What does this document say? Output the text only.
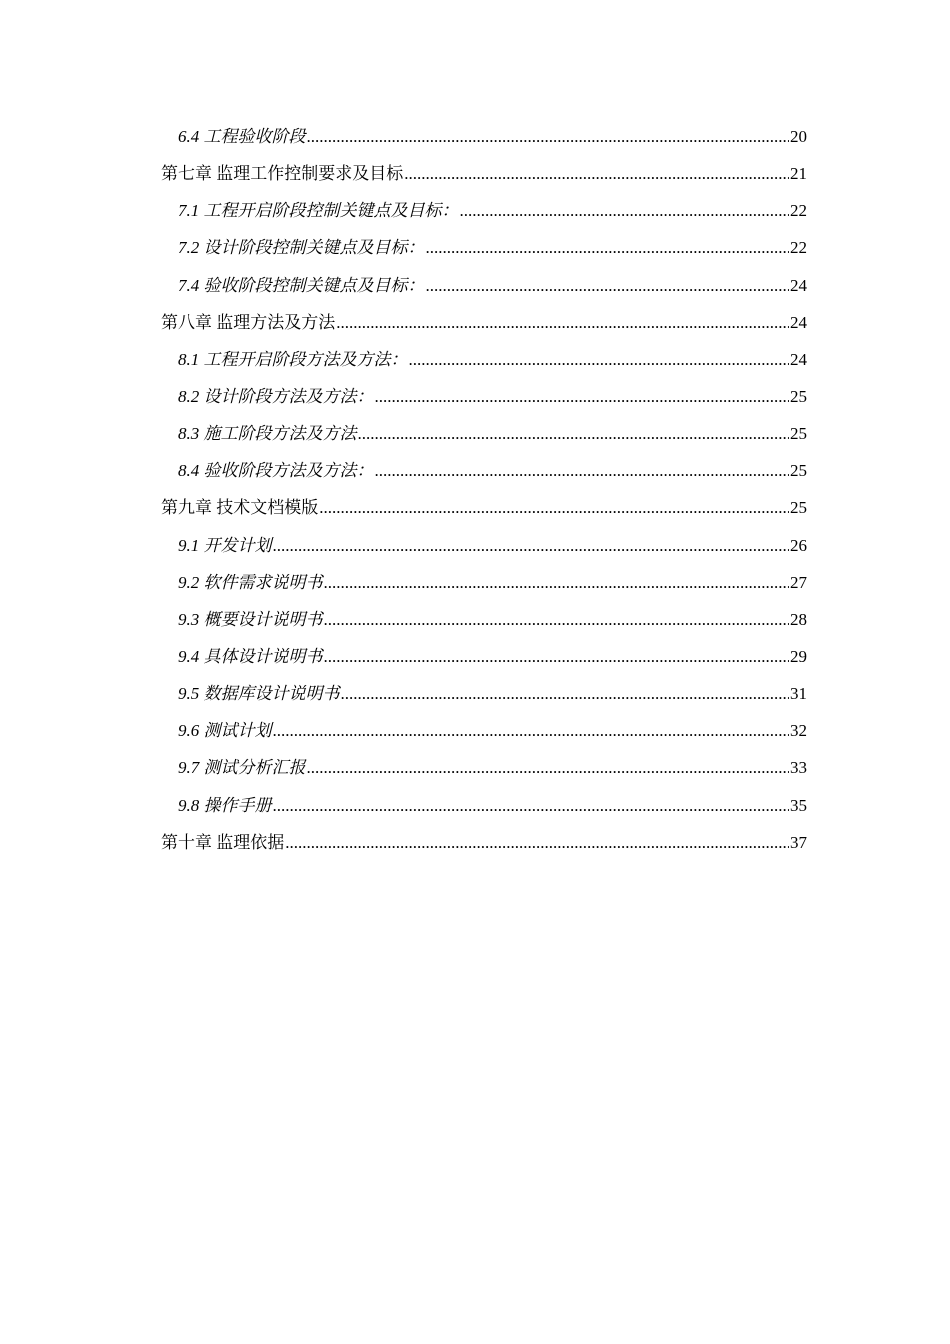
6.4 工程验收阶段 .....	20
第七章 监理工作控制要求及目标 .....	21
7.1 工程开启阶段控制关键点及目标： .....	22
7.2 设计阶段控制关键点及目标： .....	22
7.4 验收阶段控制关键点及目标： .....	24
第八章 监理方法及方法 .....	24
8.1 工程开启阶段方法及方法： .....	24
8.2 设计阶段方法及方法： .....	25
8.3 施工阶段方法及方法 .....	25
8.4 验收阶段方法及方法： .....	25
第九章 技术文档模版 .....	25
9.1 开发计划 .....	26
9.2 软件需求说明书 .....	27
9.3 概要设计说明书 .....	28
9.4 具体设计说明书 .....	29
9.5 数据库设计说明书 .....	31
9.6 测试计划 .....	32
9.7 测试分析汇报 .....	33
9.8 操作手册 .....	35
第十章 监理依据 .....	37
